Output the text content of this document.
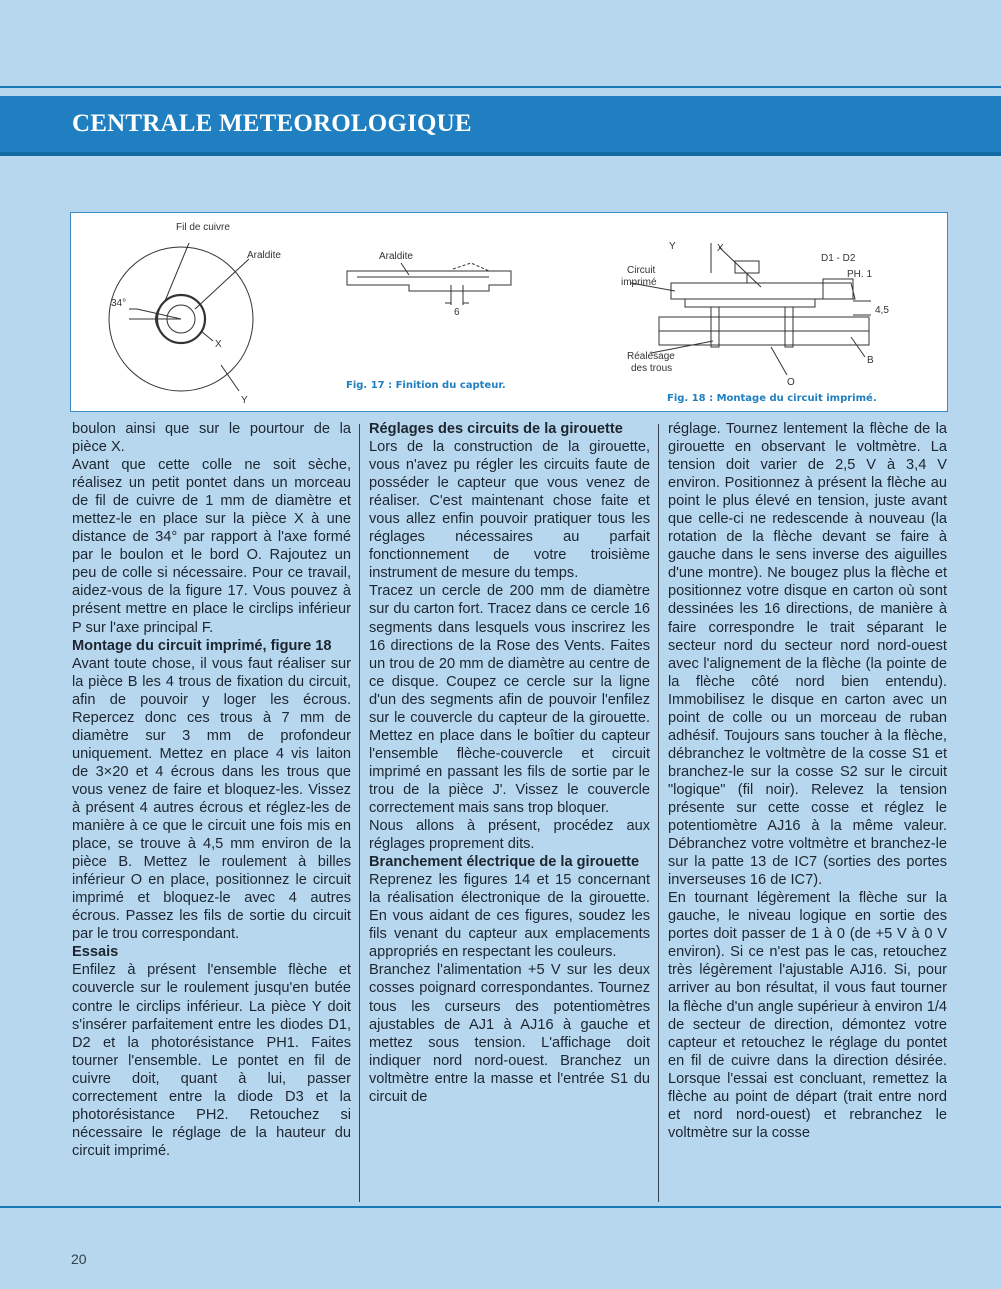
CENTRALE METEOROLOGIQUE
Fil de cuivre
Araldite
34°
X
Y
Araldite
6
Circuit
imprimé
Y	X
D1 - D2
PH. 1
4,5
Réalésage
des trous
O
B
Fig. 17 : Finition du capteur.
Fig. 18 : Montage du circuit imprimé.

boulon ainsi que sur le pourtour de la pièce X.

Avant que cette colle ne soit sèche, réalisez un petit pontet dans un morceau de fil de cuivre de 1 mm de diamètre et mettez-le en place sur la pièce X à une distance de 34° par rapport à l'axe formé par le boulon et le bord O. Rajoutez un peu de colle si nécessaire. Pour ce travail, aidez-vous de la figure 17. Vous pouvez à présent mettre en place le circlips inférieur P sur l'axe principal F.

Montage du circuit imprimé, figure 18

Avant toute chose, il vous faut réaliser sur la pièce B les 4 trous de fixation du circuit, afin de pouvoir y loger les écrous. Repercez donc ces trous à 7 mm de diamètre sur 3 mm de profondeur uniquement. Mettez en place 4 vis laiton de 3×20 et 4 écrous dans les trous que vous venez de faire et bloquez-les. Vissez à présent 4 autres écrous et réglez-les de manière à ce que le circuit une fois mis en place, se trouve à 4,5 mm environ de la pièce B. Mettez le roulement à billes inférieur O en place, positionnez le circuit imprimé et bloquez-le avec 4 autres écrous. Passez les fils de sortie du circuit par le trou correspondant.

Essais

Enfilez à présent l'ensemble flèche et couvercle sur le roulement jusqu'en butée contre le circlips inférieur. La pièce Y doit s'insérer parfaitement entre les diodes D1, D2 et la photorésistance PH1. Faites tourner l'ensemble. Le pontet en fil de cuivre doit, quant à lui, passer correctement entre la diode D3 et la photorésistance PH2. Retouchez si nécessaire le réglage de la hauteur du circuit imprimé.

Réglages des circuits de la girouette

Lors de la construction de la girouette, vous n'avez pu régler les circuits faute de posséder le capteur que vous venez de réaliser. C'est maintenant chose faite et vous allez enfin pouvoir pratiquer tous les réglages nécessaires au parfait fonctionnement de votre troisième instrument de mesure du temps.

Tracez un cercle de 200 mm de diamètre sur du carton fort. Tracez dans ce cercle 16 segments dans lesquels vous inscrirez les 16 directions de la Rose des Vents. Faites un trou de 20 mm de diamètre au centre de ce disque. Coupez ce cercle sur la ligne d'un des segments afin de pouvoir l'enfilez sur le couvercle du capteur de la girouette. Mettez en place dans le boîtier du capteur l'ensemble flèche-couvercle et circuit imprimé en passant les fils de sortie par le trou de la pièce J'. Vissez le couvercle correctement mais sans trop bloquer.

Nous allons à présent, procédez aux réglages proprement dits.

Branchement électrique de la girouette

Reprenez les figures 14 et 15 concernant la réalisation électronique de la girouette. En vous aidant de ces figures, soudez les fils venant du capteur aux emplacements appropriés en respectant les couleurs.

Branchez l'alimentation +5 V sur les deux cosses poignard correspondantes. Tournez tous les curseurs des potentiomètres ajustables de AJ1 à AJ16 à gauche et mettez sous tension. L'affichage doit indiquer nord nord-ouest. Branchez un voltmètre entre la masse et l'entrée S1 du circuit de

réglage. Tournez lentement la flèche de la girouette en observant le voltmètre. La tension doit varier de 2,5 V à 3,4 V environ. Positionnez à présent la flèche au point le plus élevé en tension, juste avant que celle-ci ne redescende à nouveau (la rotation de la flèche devant se faire à gauche dans le sens inverse des aiguilles d'une montre). Ne bougez plus la flèche et positionnez votre disque en carton où sont dessinées les 16 directions, de manière à faire correspondre le trait séparant le secteur nord du secteur nord nord-ouest avec l'alignement de la flèche (la pointe de la flèche côté nord bien entendu). Immobilisez le disque en carton avec un point de colle ou un morceau de ruban adhésif. Toujours sans toucher à la flèche, débranchez le voltmètre de la cosse S1 et branchez-le sur la cosse S2 sur le circuit "logique" (fil noir). Relevez la tension présente sur cette cosse et réglez le potentiomètre AJ16 à la même valeur. Débranchez votre voltmètre et branchez-le sur la patte 13 de IC7 (sorties des portes inverseuses 16 de IC7).

En tournant légèrement la flèche sur la gauche, le niveau logique en sortie des portes doit passer de 1 à 0 (de +5 V à 0 V environ). Si ce n'est pas le cas, retouchez très légèrement l'ajustable AJ16. Si, pour arriver au bon résultat, il vous faut tourner la flèche d'un angle supérieur à environ 1/4 de secteur de direction, démontez votre capteur et retouchez le réglage du pontet en fil de cuivre dans la direction désirée. Lorsque l'essai est concluant, remettez la flèche au point de départ (trait entre nord et nord nord-ouest) et rebranchez le voltmètre sur la cosse

20
